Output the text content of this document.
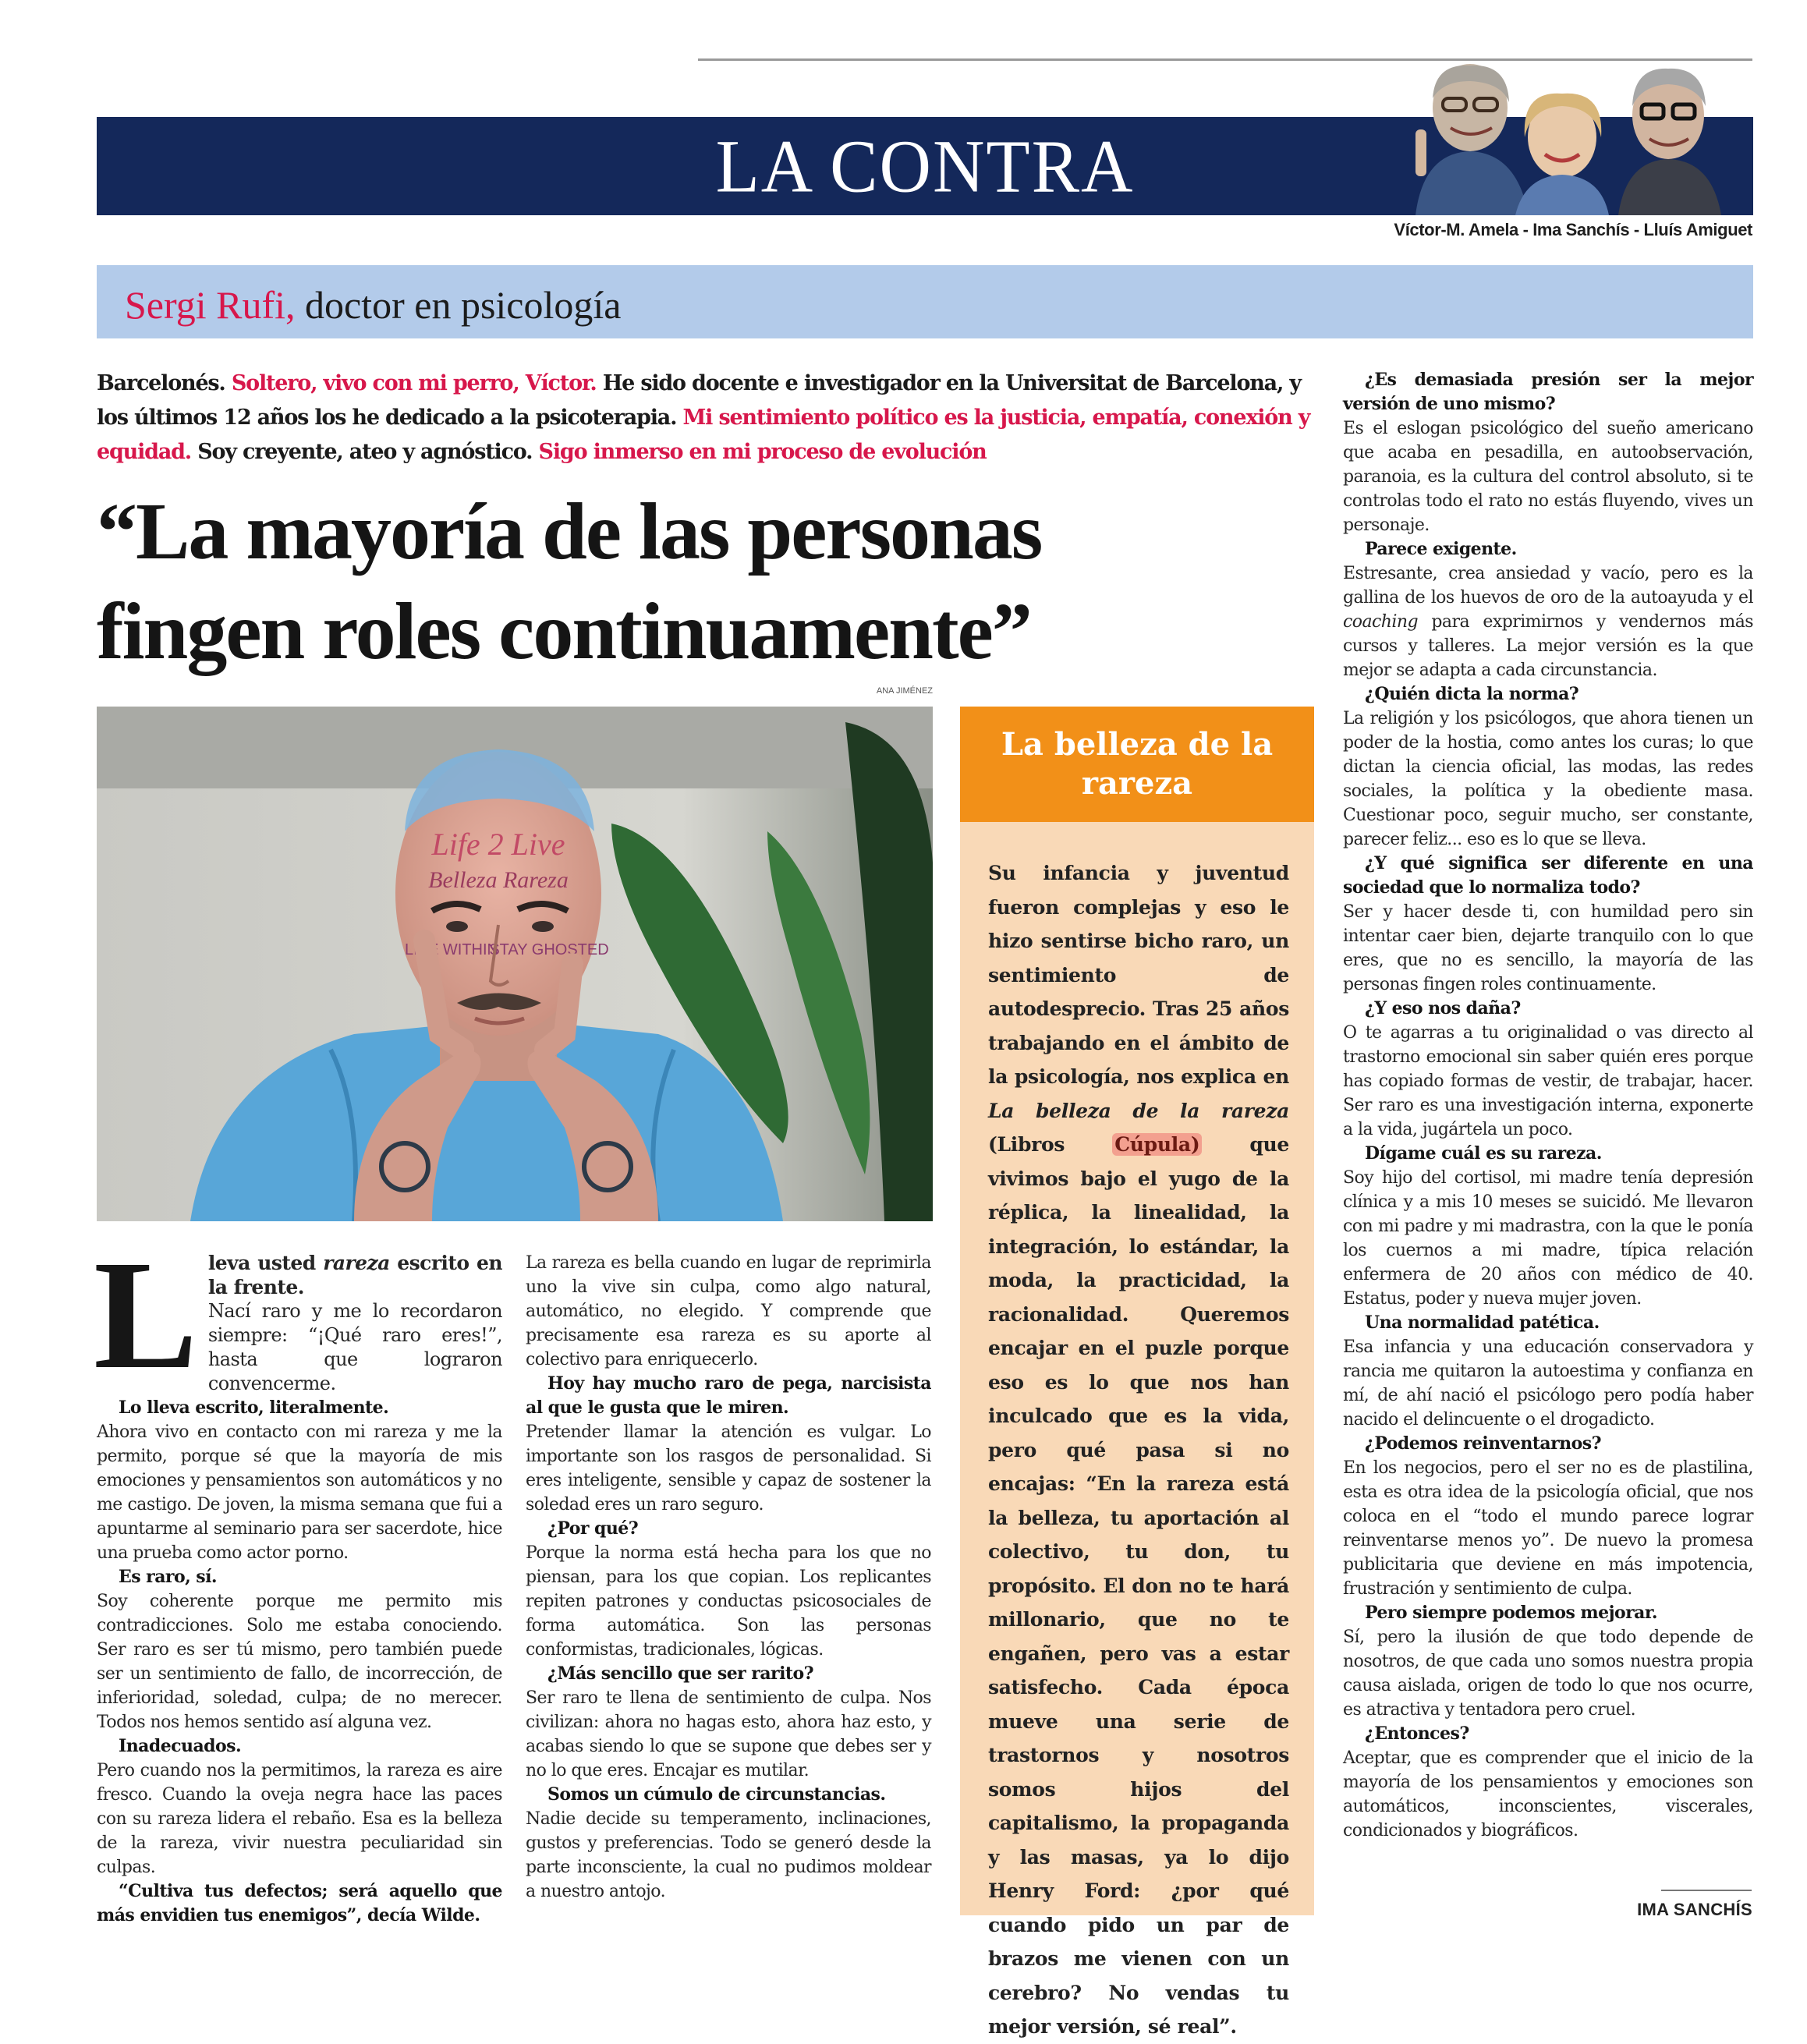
LA CONTRA
Víctor-M. Amela - Ima Sanchís - Lluís Amiguet
Sergi Rufi, doctor en psicología
Barcelonés. Soltero, vivo con mi perro, Víctor. He sido docente e investigador en la Universitat de Barcelona, y los últimos 12 años los he dedicado a la psicoterapia. Mi sentimiento político es la justicia, empatía, conexión y equidad. Soy creyente, ateo y agnóstico. Sigo inmerso en mi proceso de evolución
“La mayoría de las personas
fingen roles continuamente”
ANA JIMÉNEZ
Life 2 Live
Belleza Rareza
LIVE WITHIN
STAY GHOSTED
La belleza de la rareza
Su infancia y juventud fueron complejas y eso le hizo sentirse bicho raro, un sentimiento de autodesprecio. Tras 25 años trabajando en el ámbito de la psicología, nos explica en La belleza de la rareza (Libros Cúpula) que vivimos bajo el yugo de la réplica, la linealidad, la integración, lo estándar, la moda, la practicidad, la racionalidad. Queremos encajar en el puzle porque eso es lo que nos han inculcado que es la vida, pero qué pasa si no encajas: “En la rareza está la belleza, tu aportación al colectivo, tu don, tu propósito. El don no te hará millonario, que no te engañen, pero vas a estar satisfecho. Cada época mueve una serie de trastornos y nosotros somos hijos del capitalismo, la propaganda y las masas, ya lo dijo Henry Ford: ¿por qué cuando pido un par de brazos me vienen con un cerebro? No vendas tu mejor versión, sé real”.
L leva usted rareza escrito en la frente.

Nací raro y me lo recordaron siempre: “¡Qué raro eres!”, hasta que lograron convencerme.

Lo lleva escrito, literalmente.

Ahora vivo en contacto con mi rareza y me la permito, porque sé que la mayoría de mis emociones y pensamientos son automáticos y no me castigo. De joven, la misma semana que fui a apuntarme al seminario para ser sacerdote, hice una prueba como actor porno.

Es raro, sí.

Soy coherente porque me permito mis contradicciones. Solo me estaba conociendo. Ser raro es ser tú mismo, pero también puede ser un sentimiento de fallo, de incorrección, de inferioridad, soledad, culpa; de no merecer. Todos nos hemos sentido así alguna vez.

Inadecuados.

Pero cuando nos la permitimos, la rareza es aire fresco. Cuando la oveja negra hace las paces con su rareza lidera el rebaño. Esa es la belleza de la rareza, vivir nuestra peculiaridad sin culpas.

“Cultiva tus defectos; será aquello que más envidien tus enemigos”, decía Wilde.

La rareza es bella cuando en lugar de reprimirla uno la vive sin culpa, como algo natural, automático, no elegido. Y comprende que precisamente esa rareza es su aporte al colectivo para enriquecerlo.

Hoy hay mucho raro de pega, narcisista al que le gusta que le miren.

Pretender llamar la atención es vulgar. Lo importante son los rasgos de personalidad. Si eres inteligente, sensible y capaz de sostener la soledad eres un raro seguro.

¿Por qué?

Porque la norma está hecha para los que no piensan, para los que copian. Los replicantes repiten patrones y conductas psicosociales de forma automática. Son las personas conformistas, tradicionales, lógicas.

¿Más sencillo que ser rarito?

Ser raro te llena de sentimiento de culpa. Nos civilizan: ahora no hagas esto, ahora haz esto, y acabas siendo lo que se supone que debes ser y no lo que eres. Encajar es mutilar.

Somos un cúmulo de circunstancias.

Nadie decide su temperamento, inclinaciones, gustos y preferencias. Todo se generó desde la parte inconsciente, la cual no pudimos moldear a nuestro antojo.

¿Es demasiada presión ser la mejor versión de uno mismo?

Es el eslogan psicológico del sueño americano que acaba en pesadilla, en autoobservación, paranoia, es la cultura del control absoluto, si te controlas todo el rato no estás fluyendo, vives un personaje.

Parece exigente.

Estresante, crea ansiedad y vacío, pero es la gallina de los huevos de oro de la autoayuda y el coaching para exprimirnos y vendernos más cursos y talleres. La mejor versión es la que mejor se adapta a cada circunstancia.

¿Quién dicta la norma?

La religión y los psicólogos, que ahora tienen un poder de la hostia, como antes los curas; lo que dictan la ciencia oficial, las modas, las redes sociales, la política y la obediente masa. Cuestionar poco, seguir mucho, ser constante, parecer feliz... eso es lo que se lleva.

¿Y qué significa ser diferente en una sociedad que lo normaliza todo?

Ser y hacer desde ti, con humildad pero sin intentar caer bien, dejarte tranquilo con lo que eres, que no es sencillo, la mayoría de las personas fingen roles continuamente.

¿Y eso nos daña?

O te agarras a tu originalidad o vas directo al trastorno emocional sin saber quién eres porque has copiado formas de vestir, de trabajar, hacer. Ser raro es una investigación interna, exponerte a la vida, jugártela un poco.

Dígame cuál es su rareza.

Soy hijo del cortisol, mi madre tenía depresión clínica y a mis 10 meses se suicidó. Me llevaron con mi padre y mi madrastra, con la que le ponía los cuernos a mi madre, típica relación enfermera de 20 años con médico de 40. Estatus, poder y nueva mujer joven.

Una normalidad patética.

Esa infancia y una educación conservadora y rancia me quitaron la autoestima y confianza en mí, de ahí nació el psicólogo pero podía haber nacido el delincuente o el drogadicto.

¿Podemos reinventarnos?

En los negocios, pero el ser no es de plastilina, esta es otra idea de la psicología oficial, que nos coloca en el “todo el mundo parece lograr reinventarse menos yo”. De nuevo la promesa publicitaria que deviene en más impotencia, frustración y sentimiento de culpa.

Pero siempre podemos mejorar.

Sí, pero la ilusión de que todo depende de nosotros, de que cada uno somos nuestra propia causa aislada, origen de todo lo que nos ocurre, es atractiva y tentadora pero cruel.

¿Entonces?

Aceptar, que es comprender que el inicio de la mayoría de los pensamientos y emociones son automáticos, inconscientes, viscerales, condicionados y biográficos.

IMA SANCHÍS
